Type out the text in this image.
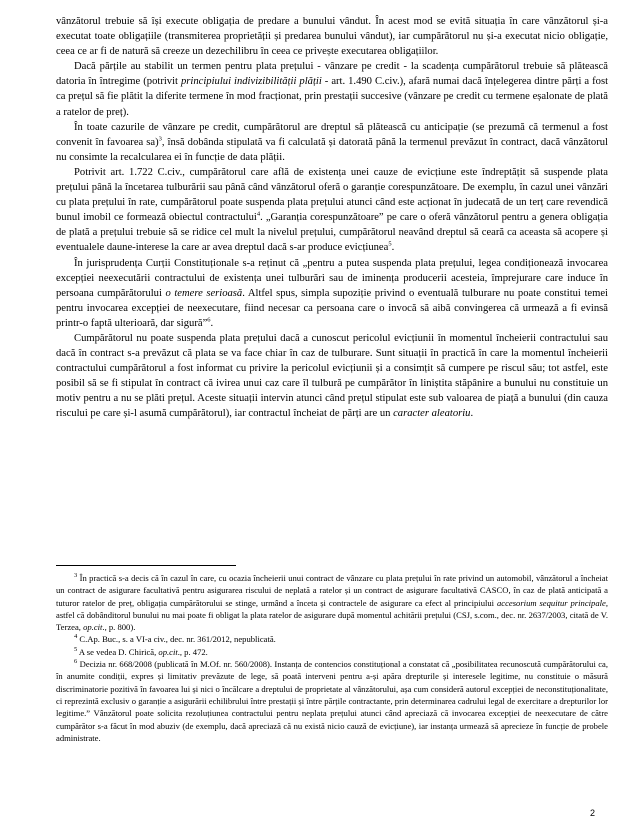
vânzătorul trebuie să își execute obligația de predare a bunului vândut. În acest mod se evită situația în care vânzătorul și-a executat toate obligațiile (transmiterea proprietății și predarea bunului vândut), iar cumpărătorul nu și-a executat nicio obligație, ceea ce ar fi de natură să creeze un dezechilibru în ceea ce privește executarea obligațiilor.

Dacă părțile au stabilit un termen pentru plata prețului - vânzare pe credit - la scadența cumpărătorul trebuie să plătească datoria în întregime (potrivit principiului indivizibilității plății - art. 1.490 C.civ.), afară numai dacă înțelegerea dintre părți a fost ca prețul să fie plătit la diferite termene în mod fracționat, prin prestații succesive (vânzare pe credit cu termene eșalonate de plată a ratelor de preț).

În toate cazurile de vânzare pe credit, cumpărătorul are dreptul să plătească cu anticipație (se prezumă că termenul a fost convenit în favoarea sa)$^3$, însă dobânda stipulată va fi calculată și datorată până la termenul prevăzut în contract, dacă vânzătorul nu consimte la recalcularea ei în funcție de data plății.

Potrivit art. 1.722 C.civ., cumpărătorul care află de existența unei cauze de evicțiune este îndreptățit să suspende plata prețului până la încetarea tulburării sau până când vânzătorul oferă o garanție corespunzătoare. De exemplu, în cazul unei vânzări cu plata prețului în rate, cumpărătorul poate suspenda plata prețului atunci când este acționat în judecată de un terț care revendică bunul imobil ce formează obiectul contractului$^4$. „Garanția corespunzătoare” pe care o oferă vânzătorul pentru a genera obligația de plată a prețului trebuie să se ridice cel mult la nivelul prețului, cumpărătorul neavând dreptul să ceară ca aceasta să acopere și eventualele daune-interese la care ar avea dreptul dacă s-ar produce evicțiunea$^5$.

În jurisprudența Curții Constituționale s-a reținut că „pentru a putea suspenda plata prețului, legea condiționează invocarea excepției neexecutării contractului de existența unei tulburări sau de iminența producerii acesteia, împrejurare care induce în persoana cumpărătorului o temere serioasă. Altfel spus, simpla supoziție privind o eventuală tulburare nu poate constitui temei pentru invocarea excepției de neexecutare, fiind necesar ca persoana care o invocă să aibă convingerea că urmează a fi evinsă printr-o faptă ulterioară, dar sigură”$^6$.

Cumpărătorul nu poate suspenda plata prețului dacă a cunoscut pericolul evicțiunii în momentul încheierii contractului sau dacă în contract s-a prevăzut că plata se va face chiar în caz de tulburare. Sunt situații în practică în care la momentul încheierii contractului cumpărătorul a fost informat cu privire la pericolul evicțiunii și a consimțit să cumpere pe riscul său; tot astfel, este posibil să se fi stipulat în contract că ivirea unui caz care îl tulbură pe cumpărător în liniștita stăpânire a bunului nu constituie un motiv pentru a nu se plăti prețul. Aceste situații intervin atunci când prețul stipulat este sub valoarea de piață a bunului (din cauza riscului pe care și-l asumă cumpărătorul), iar contractul încheiat de părți are un caracter aleatoriu.

$^3$ În practică s-a decis că în cazul în care, cu ocazia încheierii unui contract de vânzare cu plata prețului în rate privind un automobil, vânzătorul a încheiat un contract de asigurare facultativă pentru asigurarea riscului de neplată a ratelor și un contract de asigurare facultativă CASCO, în caz de plată anticipată a tuturor ratelor de preț, obligația cumpărătorului se stinge, urmând a înceta și contractele de asigurare ca efect al principiului accesorium sequitur principale, astfel că dobânditorul bunului nu mai poate fi obligat la plata ratelor de asigurare după momentul achitării prețului (CSJ, s.com., dec. nr. 2637/2003, citată de V. Terzea, op.cit., p. 800).

$^4$ C.Ap. Buc., s. a VI-a civ., dec. nr. 361/2012, nepublicată.

$^5$ A se vedea D. Chirică, op.cit., p. 472.

$^6$ Decizia nr. 668/2008 (publicată în M.Of. nr. 560/2008). Instanța de contencios constituțional a constatat că „posibilitatea recunoscută cumpărătorului ca, în anumite condiții, expres și limitativ prevăzute de lege, să poată interveni pentru a-și apăra drepturile și interesele legitime, nu constituie o măsură discriminatorie pozitivă în favoarea lui și nici o încălcare a dreptului de proprietate al vânzătorului, așa cum consideră autorul excepției de neconstituționalitate, ci reprezintă exclusiv o garanție a asigurării echilibrului între prestații și între părțile contractante, prin determinarea cadrului legal de exercitare a drepturilor lor legitime.” Vânzătorul poate solicita rezoluțiunea contractului pentru neplata prețului atunci când apreciază că invocarea excepției de neexecutare de către cumpărător s-a făcut în mod abuziv (de exemplu, dacă apreciază că nu există nicio cauză de evicțiune), iar instanța urmează să aprecieze în funcție de probele administrate.

2
